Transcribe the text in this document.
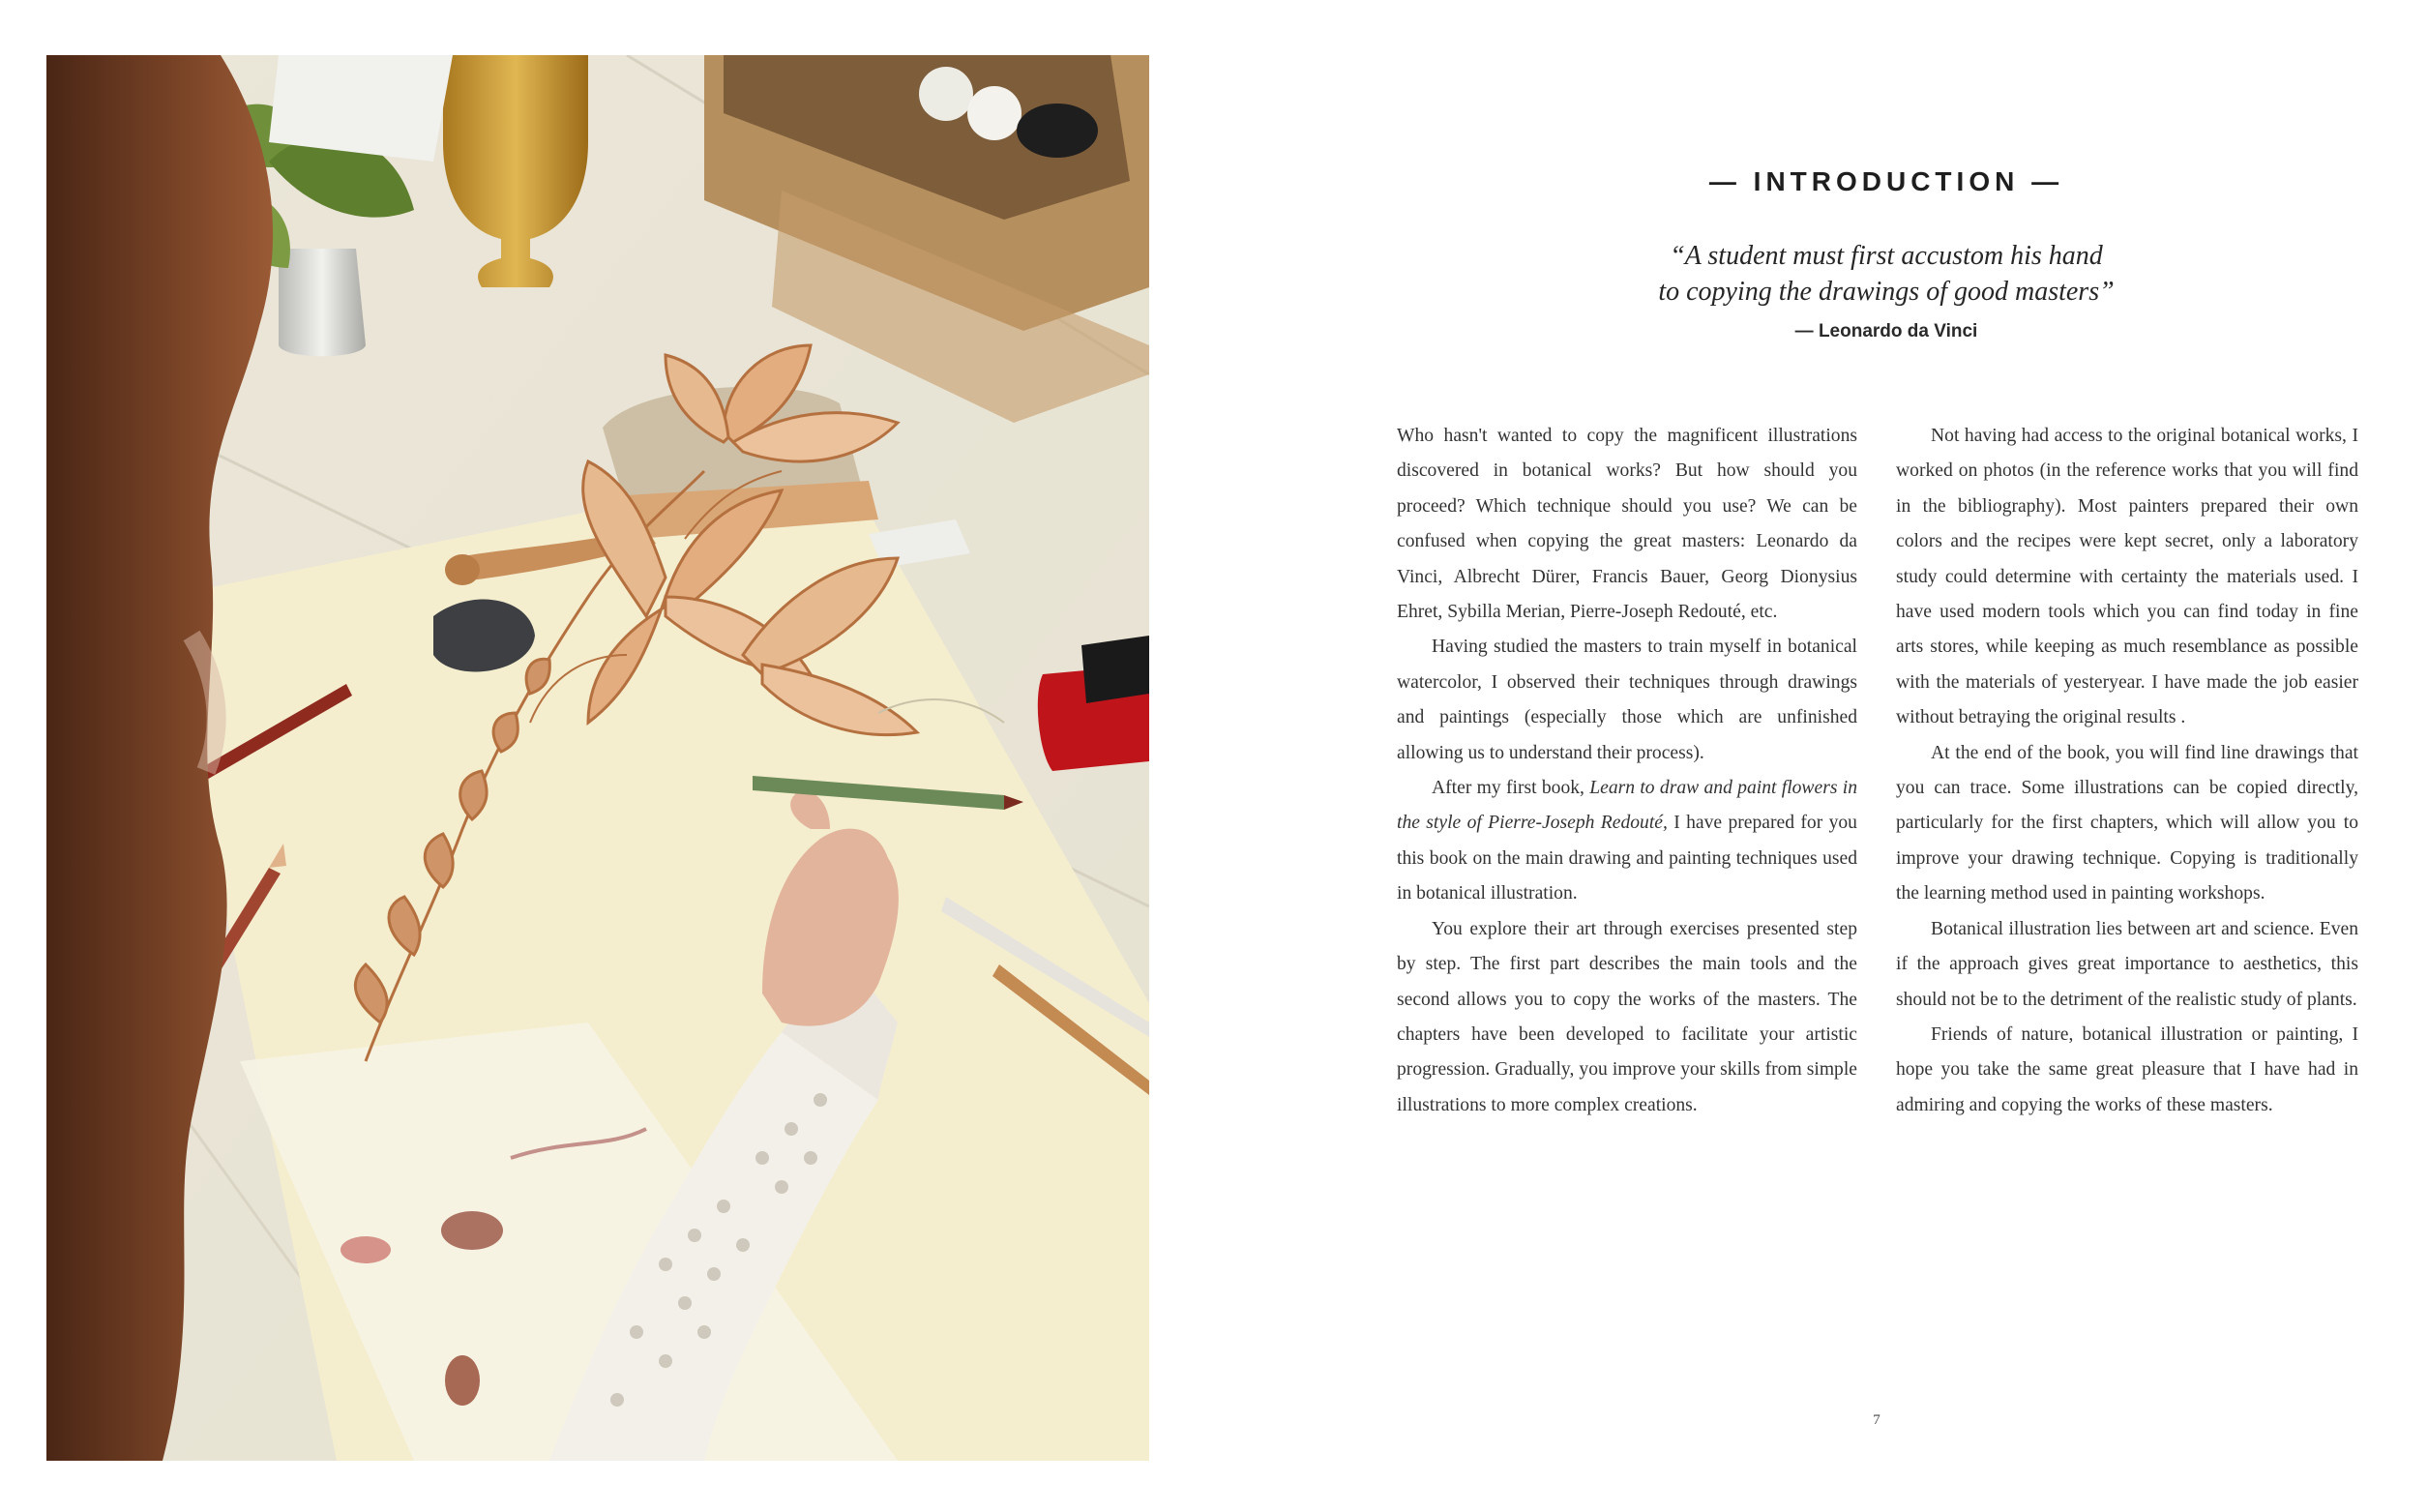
— INTRODUCTION —
“A student must first accustom his hand
to copying the drawings of good masters”
— Leonardo da Vinci

Who hasn't wanted to copy the magnificent illustrations discovered in botanical works? But how should you proceed? Which technique should you use? We can be confused when copying the great masters: Leonardo da Vinci, Albrecht Dürer, Francis Bauer, Georg Dionysius Ehret, Sybilla Merian, Pierre-Joseph Redouté, etc.

Having studied the masters to train myself in botanical watercolor, I observed their techniques through drawings and paintings (especially those which are unfinished allowing us to understand their process).

After my first book, Learn to draw and paint flowers in the style of Pierre-Joseph Redouté, I have prepared for you this book on the main drawing and painting techniques used in botanical illustration.

You explore their art through exercises presented step by step. The first part describes the main tools and the second allows you to copy the works of the masters. The chapters have been developed to facilitate your artistic progression. Gradually, you improve your skills from simple illustrations to more complex creations.

Not having had access to the original botanical works, I worked on photos (in the reference works that you will find in the bibliography). Most painters prepared their own colors and the recipes were kept secret, only a laboratory study could determine with certainty the materials used. I have used modern tools which you can find today in fine arts stores, while keeping as much resemblance as possible with the materials of yesteryear. I have made the job easier without betraying the original results .

At the end of the book, you will find line drawings that you can trace. Some illustrations can be copied directly, particularly for the first chapters, which will allow you to improve your drawing technique. Copying is traditionally the learning method used in painting workshops.

Botanical illustration lies between art and science. Even if the approach gives great importance to aesthetics, this should not be to the detriment of the realistic study of plants.

Friends of nature, botanical illustration or painting, I hope you take the same great pleasure that I have had in admiring and copying the works of these masters.

7
